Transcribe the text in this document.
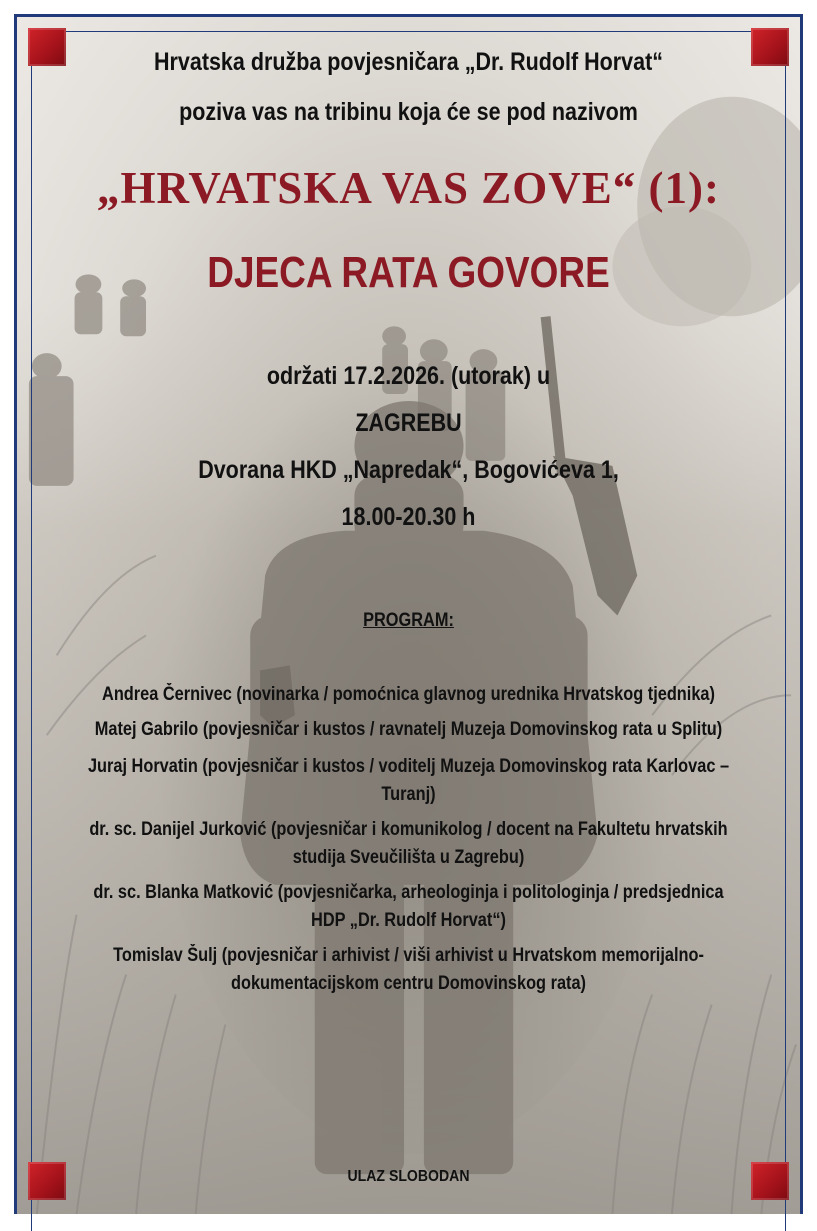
Hrvatska družba povjesničara „Dr. Rudolf Horvat“
poziva vas na tribinu koja će se pod nazivom
„HRVATSKA VAS ZOVE“ (1):
DJECA RATA GOVORE
održati 17.2.2026. (utorak) u
ZAGREBU
Dvorana HKD „Napredak“, Bogovićeva 1,
18.00-20.30 h
PROGRAM:
Andrea Černivec (novinarka / pomoćnica glavnog urednika Hrvatskog tjednika)
Matej Gabrilo (povjesničar i kustos / ravnatelj Muzeja Domovinskog rata u Splitu)
Juraj Horvatin (povjesničar i kustos / voditelj Muzeja Domovinskog rata Karlovac –
Turanj)
dr. sc. Danijel Jurković (povjesničar i komunikolog / docent na Fakultetu hrvatskih
studija Sveučilišta u Zagrebu)
dr. sc. Blanka Matković (povjesničarka, arheologinja i politologinja / predsjednica
HDP „Dr. Rudolf Horvat“)
Tomislav Šulj (povjesničar i arhivist / viši arhivist u Hrvatskom memorijalno-
dokumentacijskom centru Domovinskog rata)
ULAZ SLOBODAN
